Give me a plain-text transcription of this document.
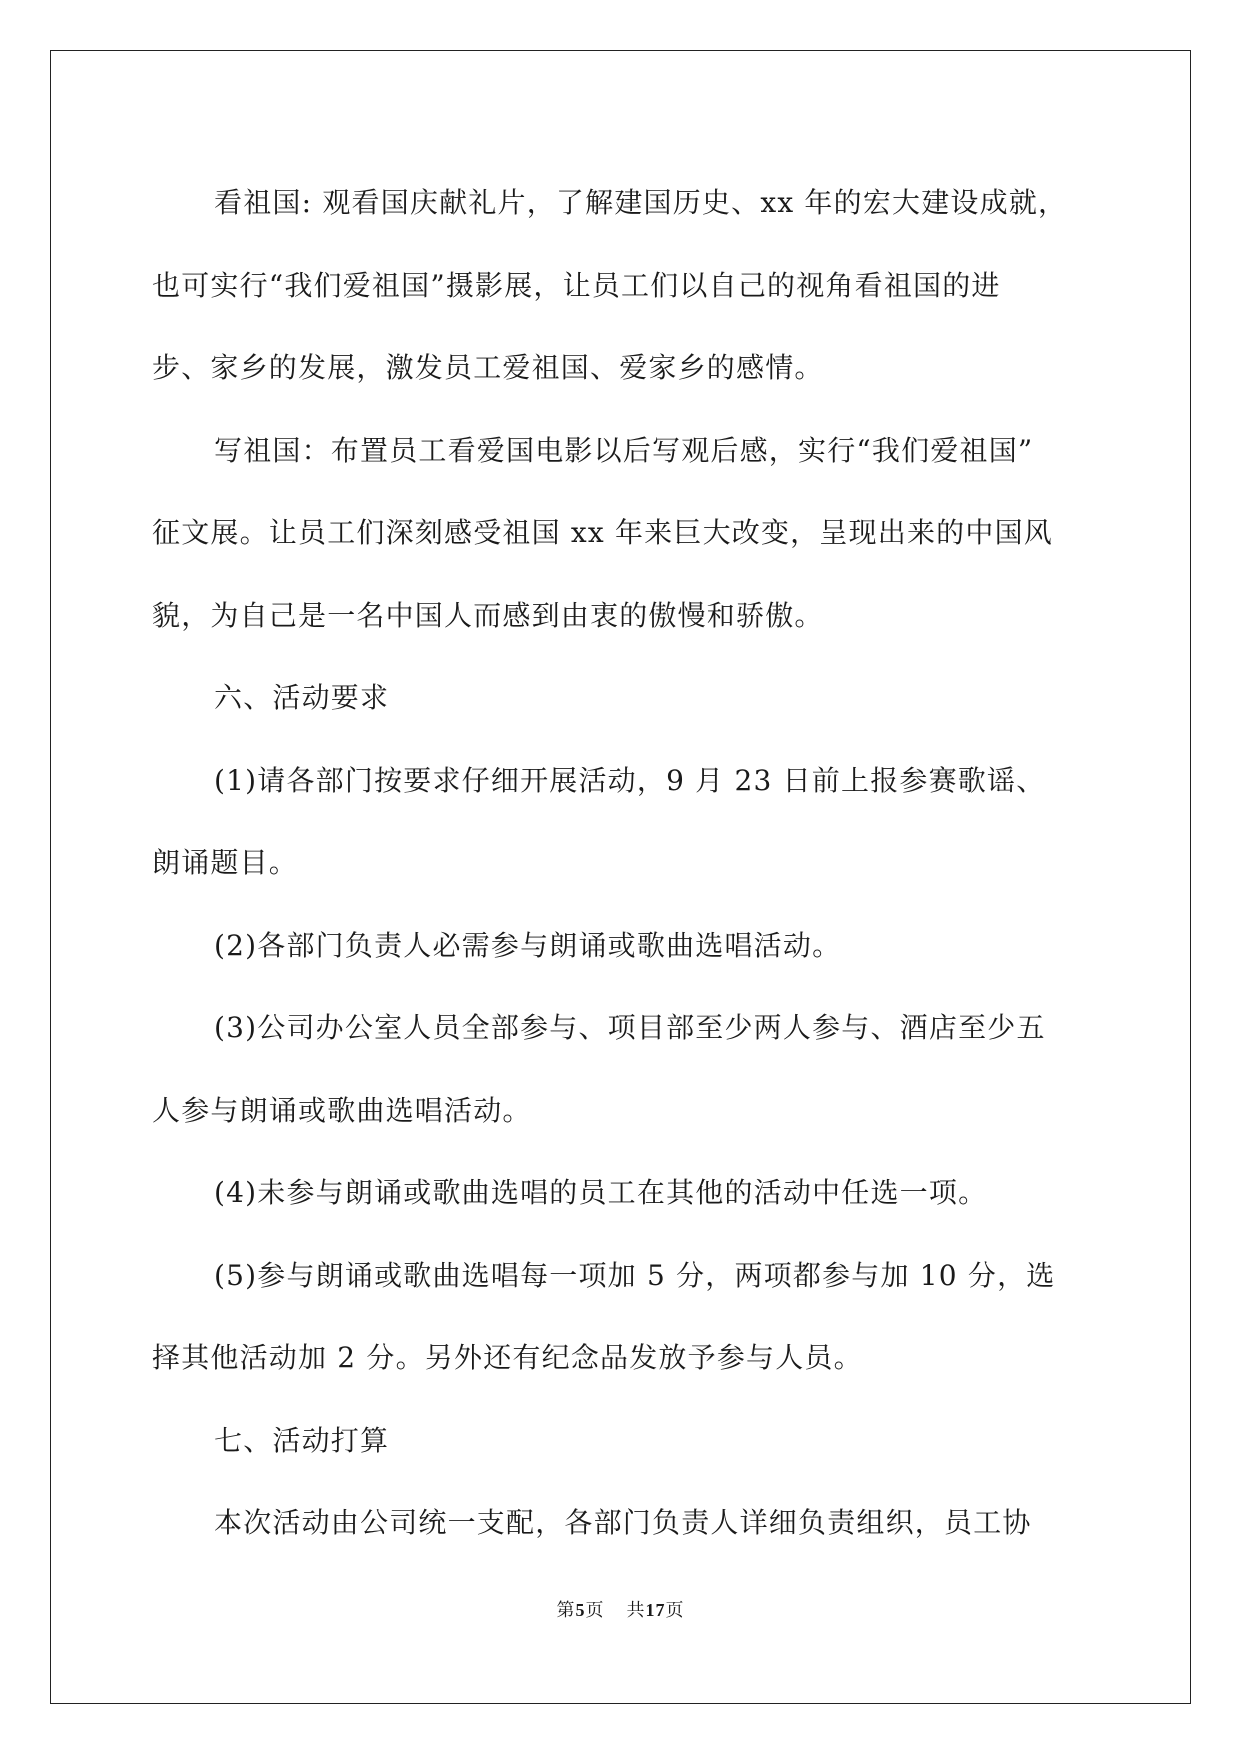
看祖国: 观看国庆献礼片，了解建国历史、xx 年的宏大建设成就，
也可实行“我们爱祖国”摄影展，让员工们以自己的视角看祖国的进
步、家乡的发展，激发员工爱祖国、爱家乡的感情。

写祖国：布置员工看爱国电影以后写观后感，实行“我们爱祖国”
征文展。让员工们深刻感受祖国 xx 年来巨大改变，呈现出来的中国风
貌，为自己是一名中国人而感到由衷的傲慢和骄傲。

六、活动要求

(1)请各部门按要求仔细开展活动，9 月 23 日前上报参赛歌谣、
朗诵题目。

(2)各部门负责人必需参与朗诵或歌曲选唱活动。

(3)公司办公室人员全部参与、项目部至少两人参与、酒店至少五
人参与朗诵或歌曲选唱活动。

(4)未参与朗诵或歌曲选唱的员工在其他的活动中任选一项。

(5)参与朗诵或歌曲选唱每一项加 5 分，两项都参与加 10 分，选
择其他活动加 2 分。另外还有纪念品发放予参与人员。

七、活动打算

本次活动由公司统一支配，各部门负责人详细负责组织，员工协

第5页 共17页
